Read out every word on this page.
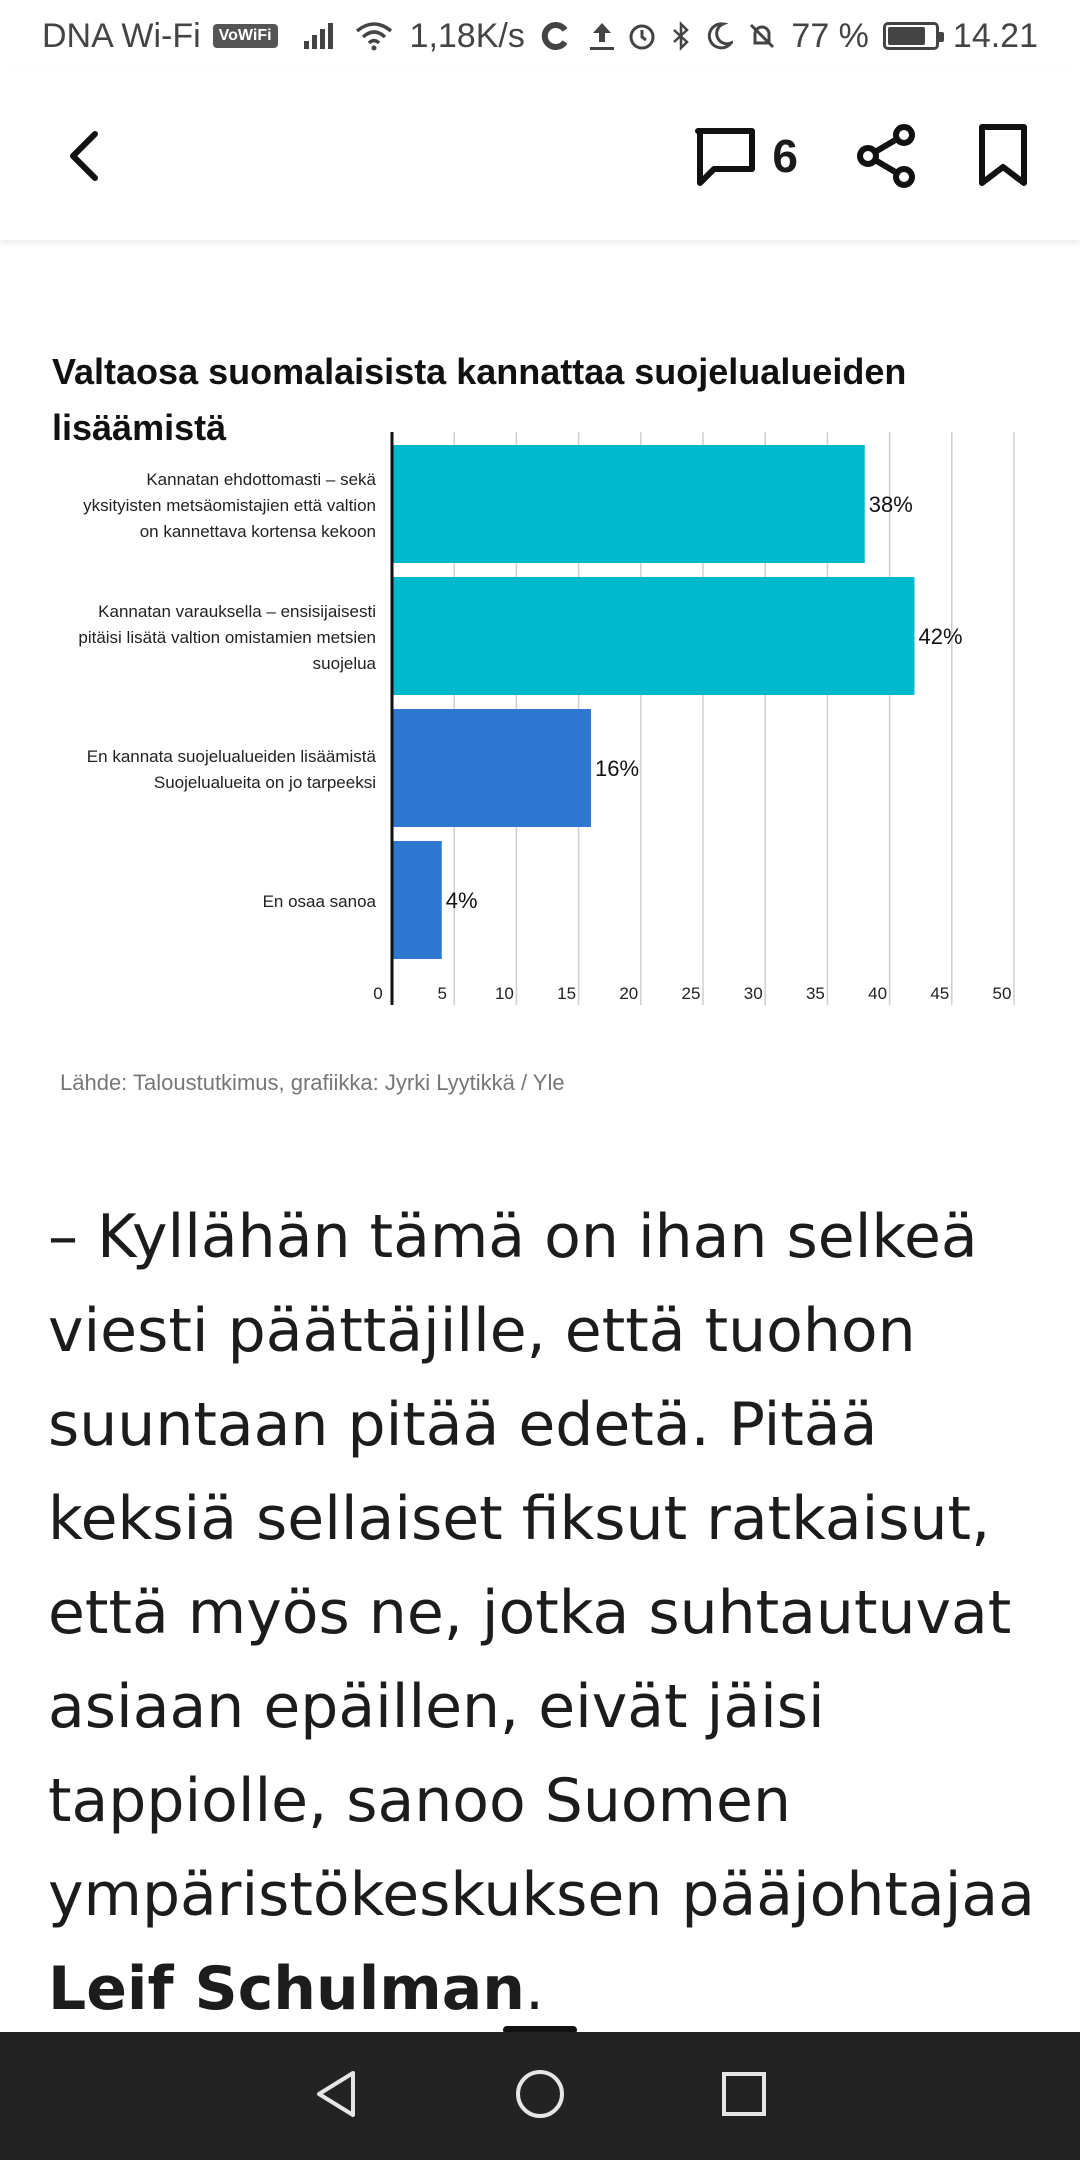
DNA Wi-Fi	VoWiFi	1,18K/s	77 % 14.21
6
Valtaosa suomalaisista kannattaa suojelualueiden lisäämistä
38%
Kannatan ehdottomasti – sekä
yksityisten metsäomistajien että valtion
on kannettava kortensa kekoon
42%
Kannatan varauksella – ensisijaisesti
pitäisi lisätä valtion omistamien metsien
suojelua
16%
En kannata suojelualueiden lisäämistä
Suojelualueita on jo tarpeeksi
4%
En osaa sanoa
0	5	10	15	20	25	30	35	40	45	50
Lähde: Taloustutkimus, grafiikka: Jyrki Lyytikkä / Yle
– Kyllähän tämä on ihan selkeä viesti päättäjille, että tuohon suuntaan pitää edetä. Pitää keksiä sellaiset fiksut ratkaisut, että myös ne, jotka suhtautuvat asiaan epäillen, eivät jäisi tappiolle, sanoo Suomen ympäristökeskuksen pääjohtajaa Leif Schulman.
